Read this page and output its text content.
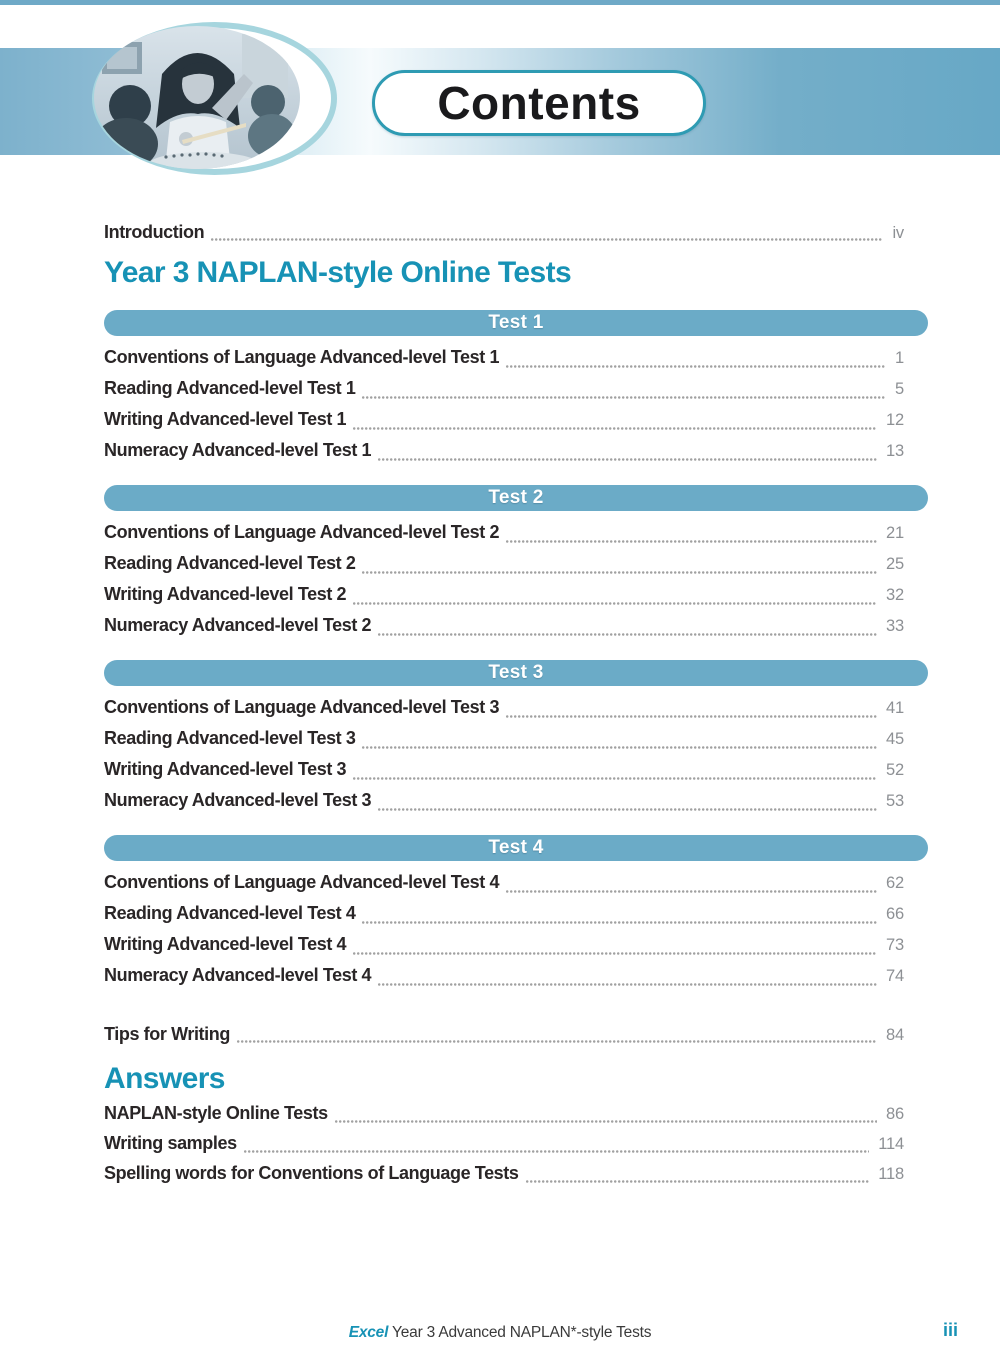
Contents
Introduction	iv
Year 3 NAPLAN-style Online Tests
Test 1
Conventions of Language Advanced-level Test 1	1
Reading Advanced-level Test 1	5
Writing Advanced-level Test 1	12
Numeracy Advanced-level Test 1	13
Test 2
Conventions of Language Advanced-level Test 2	21
Reading Advanced-level Test 2	25
Writing Advanced-level Test 2	32
Numeracy Advanced-level Test 2	33
Test 3
Conventions of Language Advanced-level Test 3	41
Reading Advanced-level Test 3	45
Writing Advanced-level Test 3	52
Numeracy Advanced-level Test 3	53
Test 4
Conventions of Language Advanced-level Test 4	62
Reading Advanced-level Test 4	66
Writing Advanced-level Test 4	73
Numeracy Advanced-level Test 4	74
Tips for Writing	84
Answers
NAPLAN-style Online Tests	86
Writing samples	114
Spelling words for Conventions of Language Tests	118
Excel Year 3 Advanced NAPLAN*-style Tests	iii
